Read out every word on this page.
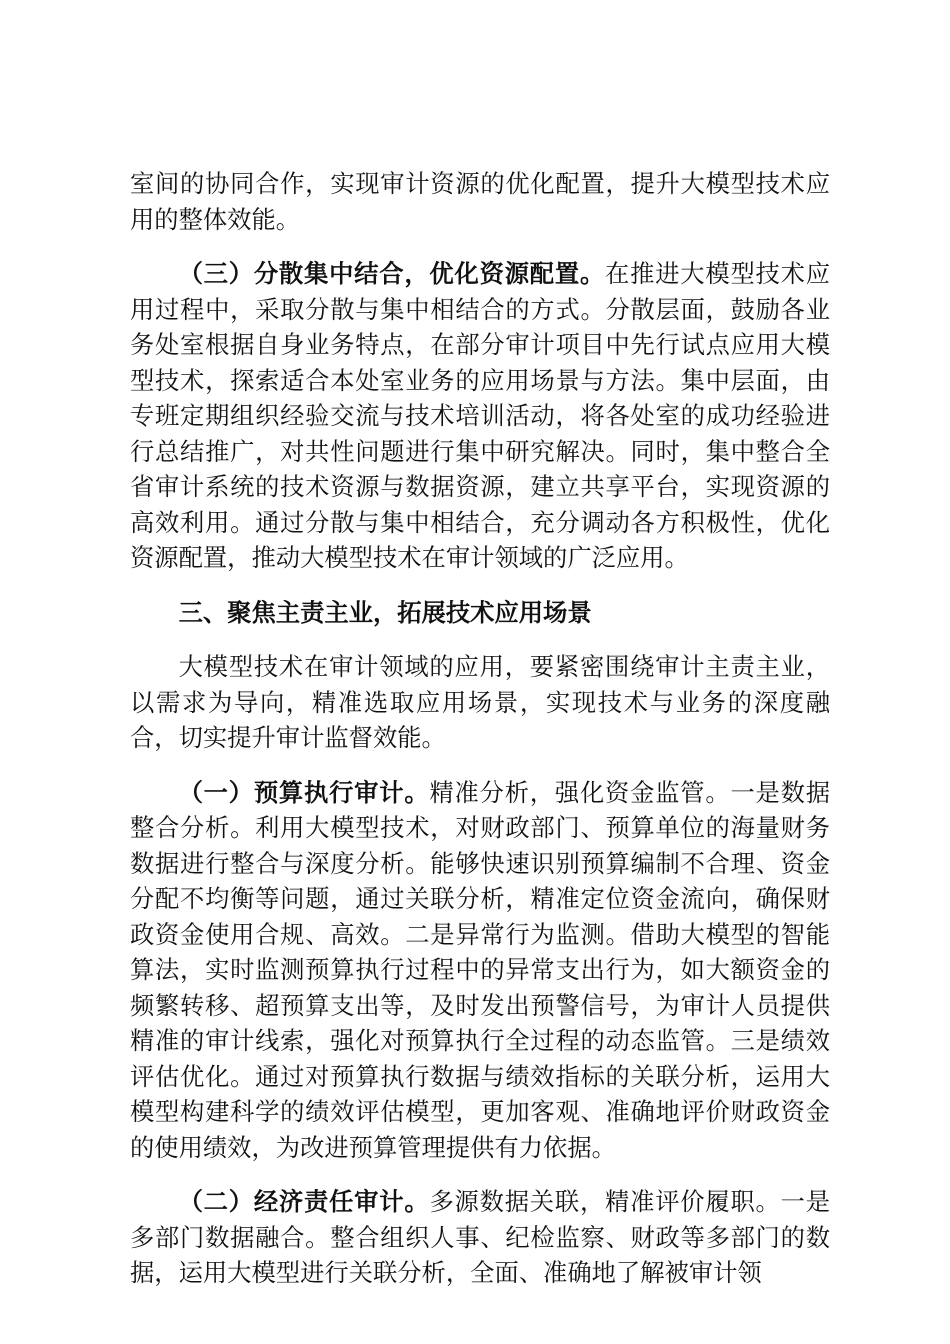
室间的协同合作，实现审计资源的优化配置，提升大模型技术应用的整体效能。

（三）分散集中结合，优化资源配置。在推进大模型技术应用过程中，采取分散与集中相结合的方式。分散层面，鼓励各业务处室根据自身业务特点，在部分审计项目中先行试点应用大模型技术，探索适合本处室业务的应用场景与方法。集中层面，由专班定期组织经验交流与技术培训活动，将各处室的成功经验进行总结推广，对共性问题进行集中研究解决。同时，集中整合全省审计系统的技术资源与数据资源，建立共享平台，实现资源的高效利用。通过分散与集中相结合，充分调动各方积极性，优化资源配置，推动大模型技术在审计领域的广泛应用。

三、聚焦主责主业，拓展技术应用场景

大模型技术在审计领域的应用，要紧密围绕审计主责主业，以需求为导向，精准选取应用场景，实现技术与业务的深度融合，切实提升审计监督效能。

（一）预算执行审计。精准分析，强化资金监管。一是数据整合分析。利用大模型技术，对财政部门、预算单位的海量财务数据进行整合与深度分析。能够快速识别预算编制不合理、资金分配不均衡等问题，通过关联分析，精准定位资金流向，确保财政资金使用合规、高效。二是异常行为监测。借助大模型的智能算法，实时监测预算执行过程中的异常支出行为，如大额资金的频繁转移、超预算支出等，及时发出预警信号，为审计人员提供精准的审计线索，强化对预算执行全过程的动态监管。三是绩效评估优化。通过对预算执行数据与绩效指标的关联分析，运用大模型构建科学的绩效评估模型，更加客观、准确地评价财政资金的使用绩效，为改进预算管理提供有力依据。

（二）经济责任审计。多源数据关联，精准评价履职。一是多部门数据融合。整合组织人事、纪检监察、财政等多部门的数据，运用大模型进行关联分析，全面、准确地了解被审计领
